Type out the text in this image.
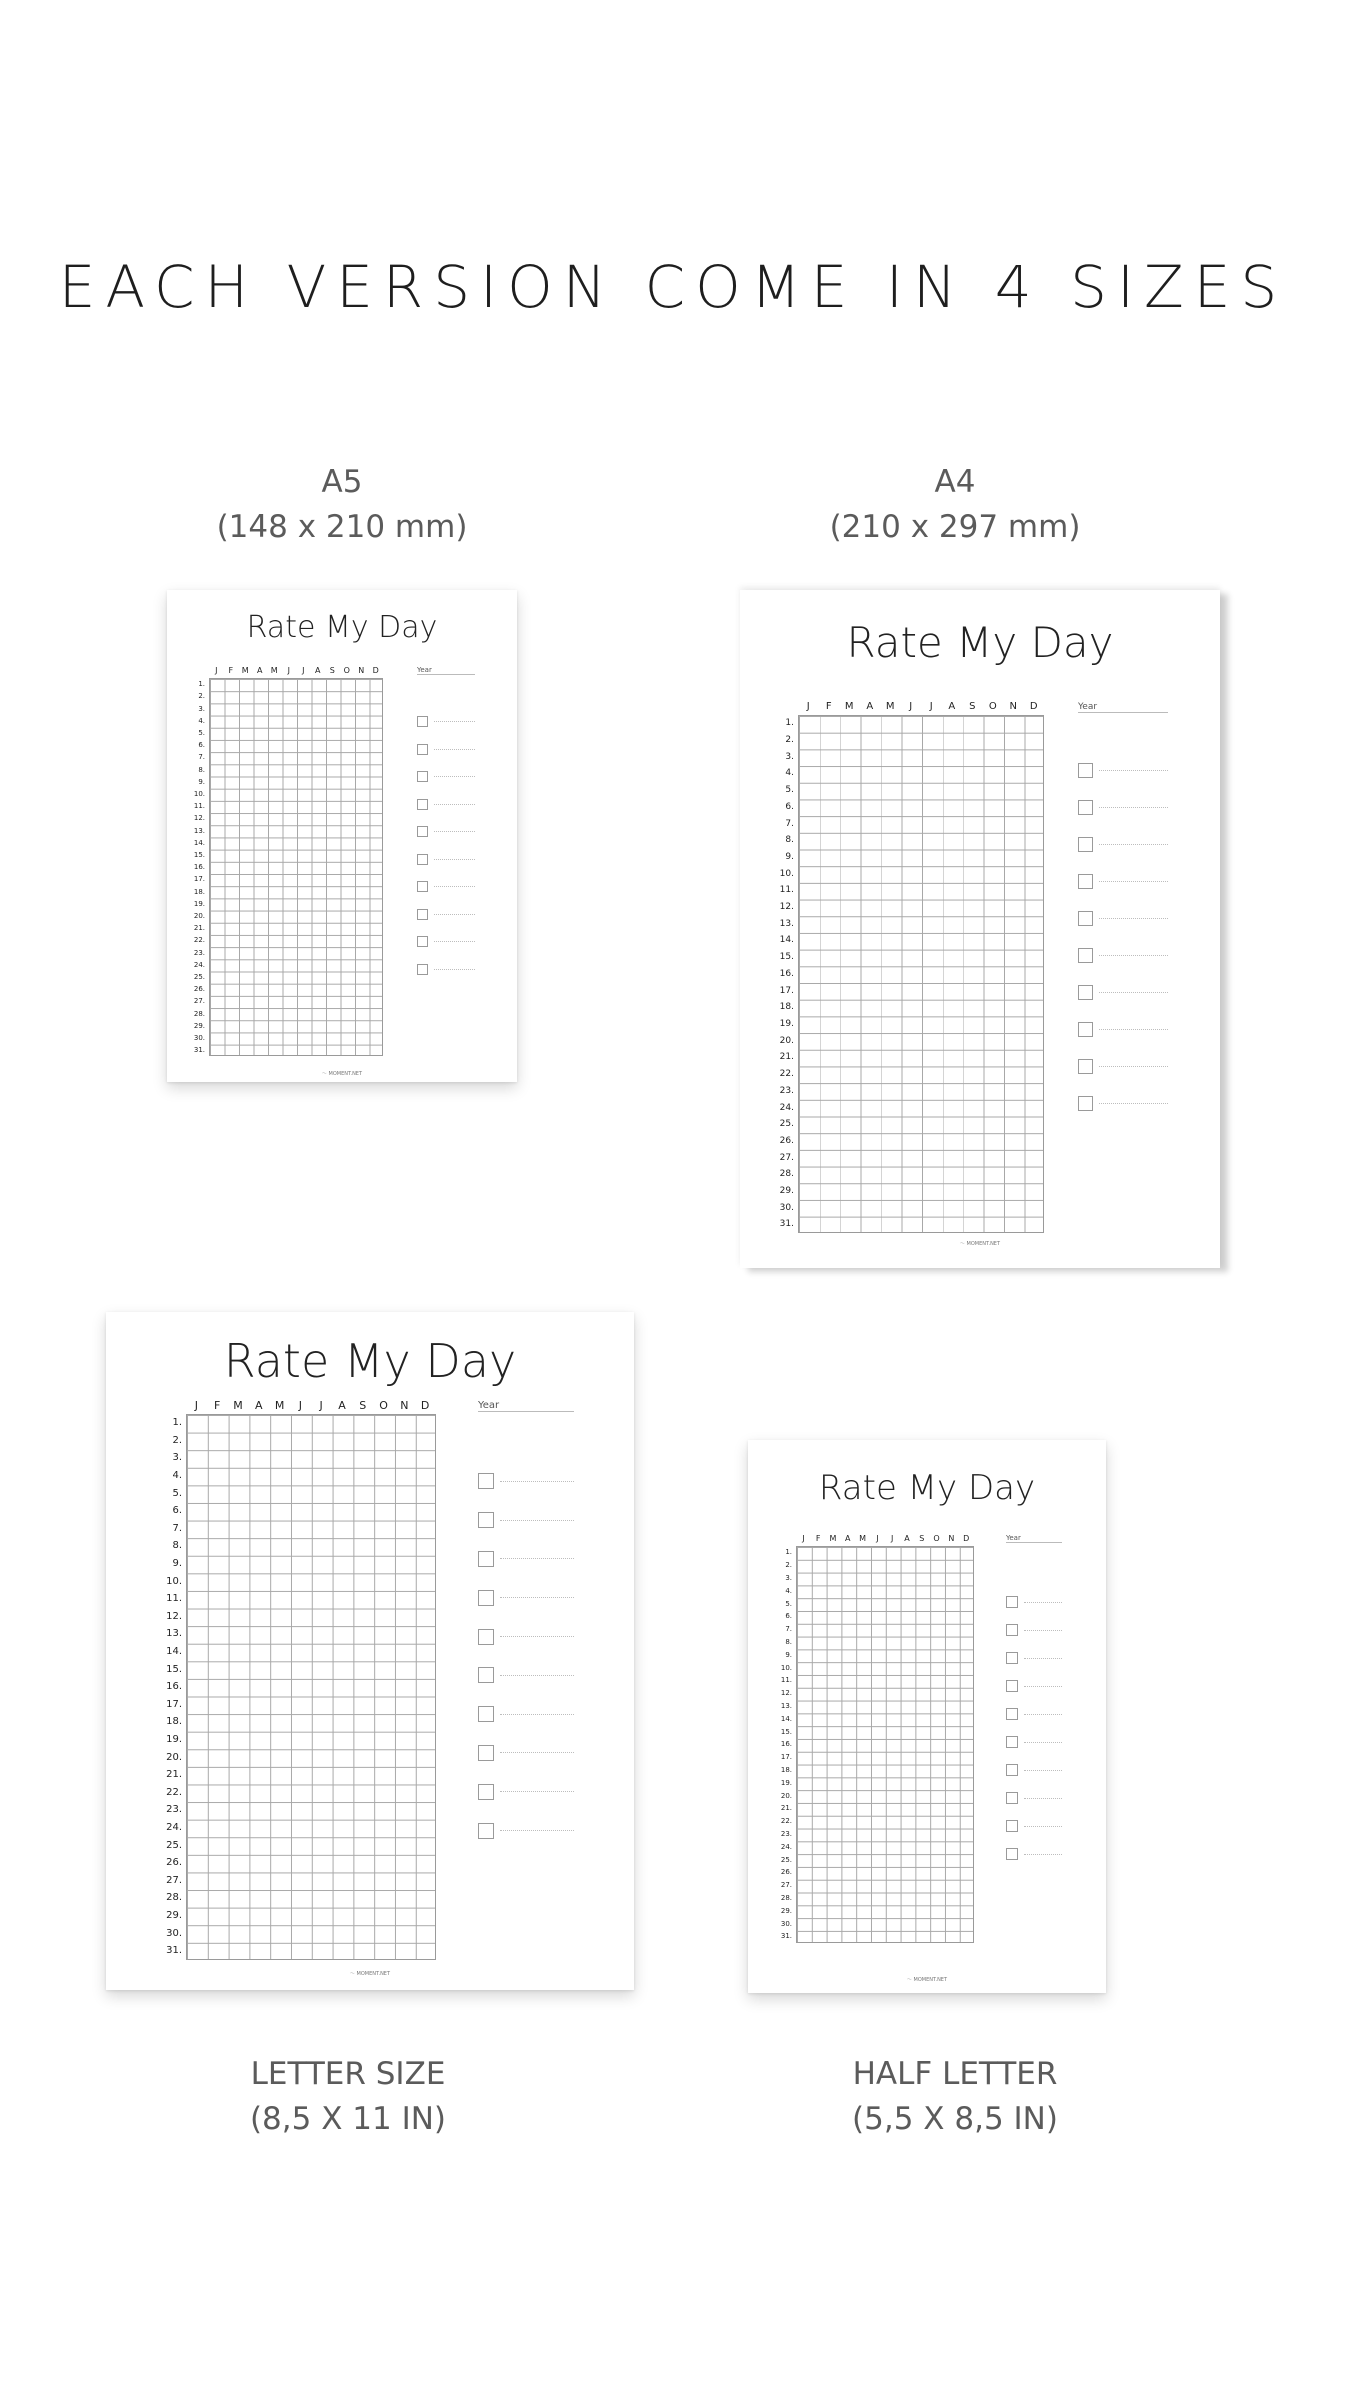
EACH VERSION COME IN 4 SIZES
A5
(148 x 210 mm)
A4
(210 x 297 mm)
LETTER SIZE
(8,5 X 11 IN)
HALF LETTER
(5,5 X 8,5 IN)
Rate My Day
J	F	M	A	M	J	J	A	S	O	N	D
1.
2.
3.
4.
5.
6.
7.
8.
9.
10.
11.
12.
13.
14.
15.
16.
17.
18.
19.
20.
21.
22.
23.
24.
25.
26.
27.
28.
29.
30.
31.
Year
〜 MOMENT.NET
Rate My Day
J	F	M	A	M	J	J	A	S	O	N	D
1.
2.
3.
4.
5.
6.
7.
8.
9.
10.
11.
12.
13.
14.
15.
16.
17.
18.
19.
20.
21.
22.
23.
24.
25.
26.
27.
28.
29.
30.
31.
Year
〜 MOMENT.NET
Rate My Day
J	F	M	A	M	J	J	A	S	O	N	D
1.
2.
3.
4.
5.
6.
7.
8.
9.
10.
11.
12.
13.
14.
15.
16.
17.
18.
19.
20.
21.
22.
23.
24.
25.
26.
27.
28.
29.
30.
31.
Year
〜 MOMENT.NET
Rate My Day
J	F	M	A	M	J	J	A	S	O	N	D
1.
2.
3.
4.
5.
6.
7.
8.
9.
10.
11.
12.
13.
14.
15.
16.
17.
18.
19.
20.
21.
22.
23.
24.
25.
26.
27.
28.
29.
30.
31.
Year
〜 MOMENT.NET
